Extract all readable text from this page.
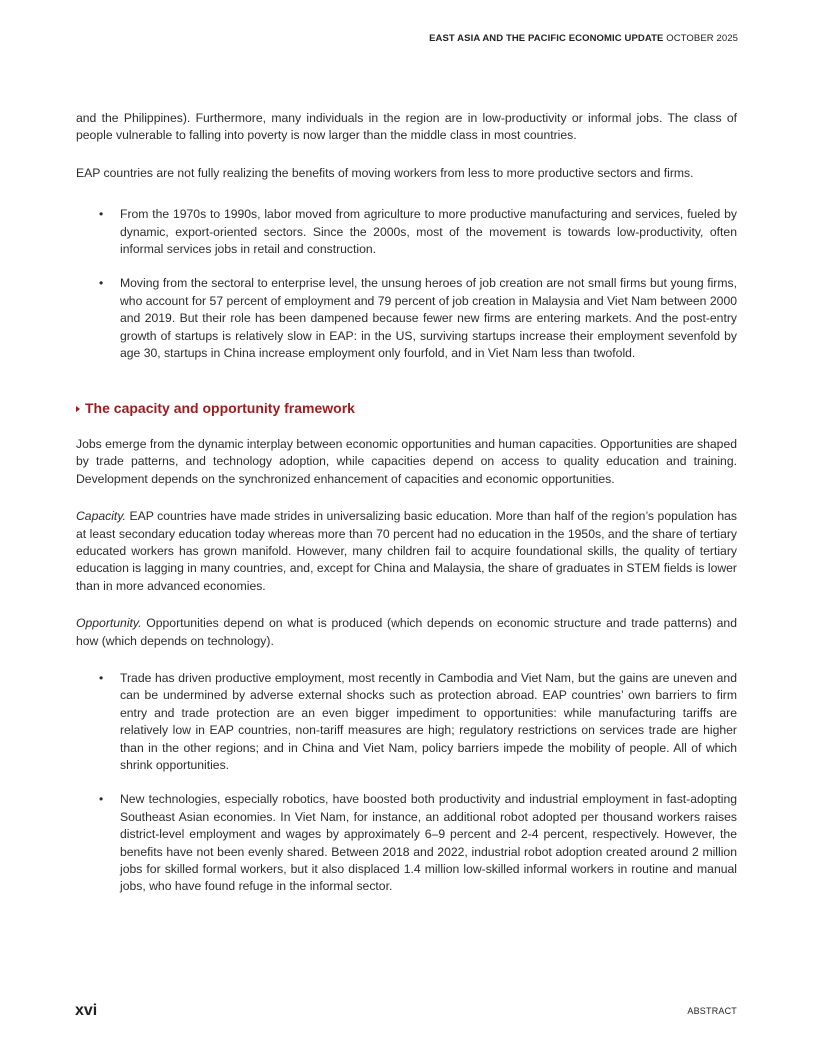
EAST ASIA AND THE PACIFIC ECONOMIC UPDATE OCTOBER 2025

and the Philippines). Furthermore, many individuals in the region are in low-productivity or informal jobs. The class of people vulnerable to falling into poverty is now larger than the middle class in most countries.

EAP countries are not fully realizing the benefits of moving workers from less to more productive sectors and firms.

• From the 1970s to 1990s, labor moved from agriculture to more productive manufacturing and services, fueled by dynamic, export-oriented sectors. Since the 2000s, most of the movement is towards low-productivity, often informal services jobs in retail and construction.
• Moving from the sectoral to enterprise level, the unsung heroes of job creation are not small firms but young firms, who account for 57 percent of employment and 79 percent of job creation in Malaysia and Viet Nam between 2000 and 2019. But their role has been dampened because fewer new firms are entering markets. And the post-entry growth of startups is relatively slow in EAP: in the US, surviving startups increase their employment sevenfold by age 30, startups in China increase employment only fourfold, and in Viet Nam less than twofold.
The capacity and opportunity framework

Jobs emerge from the dynamic interplay between economic opportunities and human capacities. Opportunities are shaped by trade patterns, and technology adoption, while capacities depend on access to quality education and training. Development depends on the synchronized enhancement of capacities and economic opportunities.

Capacity. EAP countries have made strides in universalizing basic education. More than half of the region’s population has at least secondary education today whereas more than 70 percent had no education in the 1950s, and the share of tertiary educated workers has grown manifold. However, many children fail to acquire foundational skills, the quality of tertiary education is lagging in many countries, and, except for China and Malaysia, the share of graduates in STEM fields is lower than in more advanced economies.

Opportunity. Opportunities depend on what is produced (which depends on economic structure and trade patterns) and how (which depends on technology).

• Trade has driven productive employment, most recently in Cambodia and Viet Nam, but the gains are uneven and can be undermined by adverse external shocks such as protection abroad. EAP countries’ own barriers to firm entry and trade protection are an even bigger impediment to opportunities: while manufacturing tariffs are relatively low in EAP countries, non-tariff measures are high; regulatory restrictions on services trade are higher than in the other regions; and in China and Viet Nam, policy barriers impede the mobility of people. All of which shrink opportunities.
• New technologies, especially robotics, have boosted both productivity and industrial employment in fast-adopting Southeast Asian economies. In Viet Nam, for instance, an additional robot adopted per thousand workers raises district-level employment and wages by approximately 6–9 percent and 2-4 percent, respectively. However, the benefits have not been evenly shared. Between 2018 and 2022, industrial robot adoption created around 2 million jobs for skilled formal workers, but it also displaced 1.4 million low-skilled informal workers in routine and manual jobs, who have found refuge in the informal sector.
xvi	ABSTRACT
